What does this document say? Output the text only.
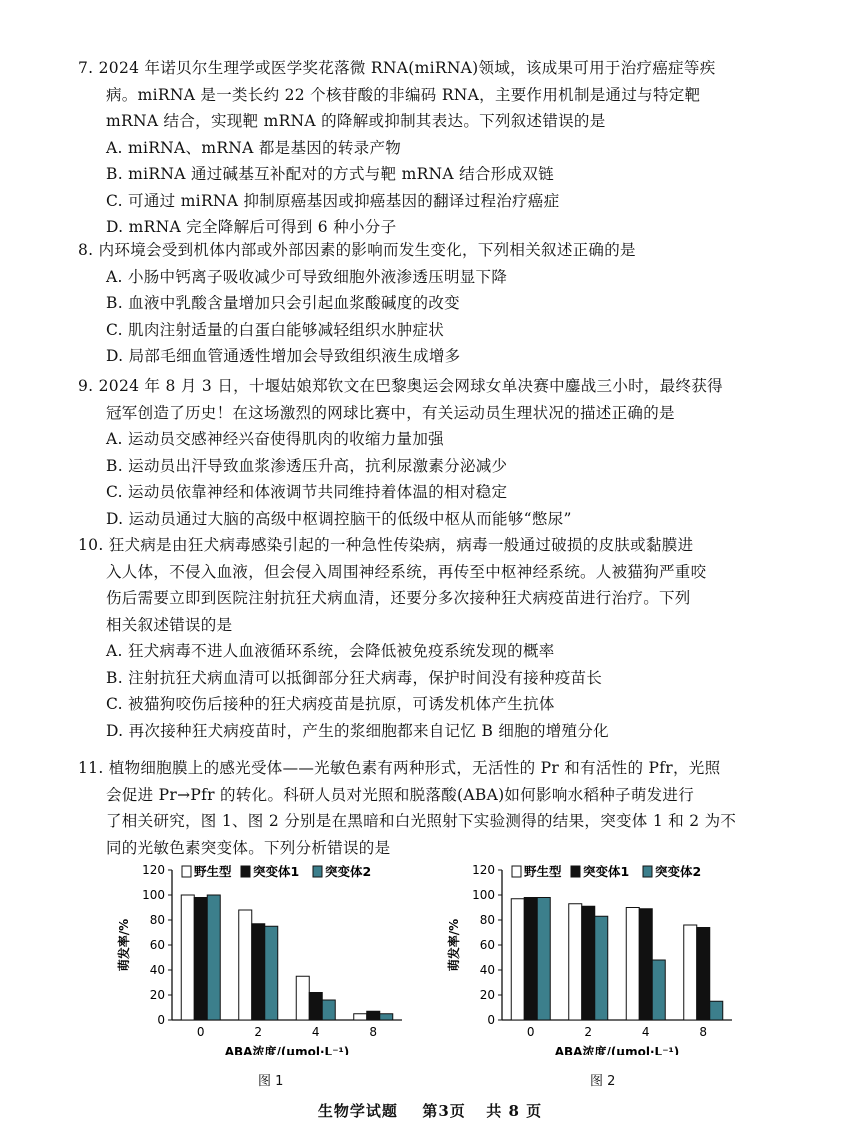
7. 2024 年诺贝尔生理学或医学奖花落微 RNA(miRNA)领域，该成果可用于治疗癌症等疾
病。miRNA 是一类长约 22 个核苷酸的非编码 RNA，主要作用机制是通过与特定靶
mRNA 结合，实现靶 mRNA 的降解或抑制其表达。下列叙述错误的是
A. miRNA、mRNA 都是基因的转录产物
B. miRNA 通过碱基互补配对的方式与靶 mRNA 结合形成双链
C. 可通过 miRNA 抑制原癌基因或抑癌基因的翻译过程治疗癌症
D. mRNA 完全降解后可得到 6 种小分子
8. 内环境会受到机体内部或外部因素的影响而发生变化，下列相关叙述正确的是
A. 小肠中钙离子吸收减少可导致细胞外液渗透压明显下降
B. 血液中乳酸含量增加只会引起血浆酸碱度的改变
C. 肌肉注射适量的白蛋白能够减轻组织水肿症状
D. 局部毛细血管通透性增加会导致组织液生成增多
9. 2024 年 8 月 3 日，十堰姑娘郑钦文在巴黎奥运会网球女单决赛中鏖战三小时，最终获得
冠军创造了历史！在这场激烈的网球比赛中，有关运动员生理状况的描述正确的是
A. 运动员交感神经兴奋使得肌肉的收缩力量加强
B. 运动员出汗导致血浆渗透压升高，抗利尿激素分泌减少
C. 运动员依靠神经和体液调节共同维持着体温的相对稳定
D. 运动员通过大脑的高级中枢调控脑干的低级中枢从而能够“憋尿”
10. 狂犬病是由狂犬病毒感染引起的一种急性传染病，病毒一般通过破损的皮肤或黏膜进
入人体，不侵入血液，但会侵入周围神经系统，再传至中枢神经系统。人被猫狗严重咬
伤后需要立即到医院注射抗狂犬病血清，还要分多次接种狂犬病疫苗进行治疗。下列
相关叙述错误的是
A. 狂犬病毒不进人血液循环系统，会降低被免疫系统发现的概率
B. 注射抗狂犬病血清可以抵御部分狂犬病毒，保护时间没有接种疫苗长
C. 被猫狗咬伤后接种的狂犬病疫苗是抗原，可诱发机体产生抗体
D. 再次接种狂犬病疫苗时，产生的浆细胞都来自记忆 B 细胞的增殖分化
11. 植物细胞膜上的感光受体——光敏色素有两种形式，无活性的 Pr 和有活性的 Pfr，光照
会促进 Pr→Pfr 的转化。科研人员对光照和脱落酸(ABA)如何影响水稻种子萌发进行
了相关研究，图 1、图 2 分别是在黑暗和白光照射下实验测得的结果，突变体 1 和 2 为不
同的光敏色素突变体。下列分析错误的是
萌发率/%
0
20
40
60
80
100
120
0	2	4	8
ABA浓度/(μmol·L⁻¹)
野生型 突变体1 突变体2
图 1
萌发率/%
0
20
40
60
80
100
120
0	2	4	8
ABA浓度/(μmol·L⁻¹)
野生型 突变体1 突变体2
图 2
生物学试题 第3页 共 8 页
